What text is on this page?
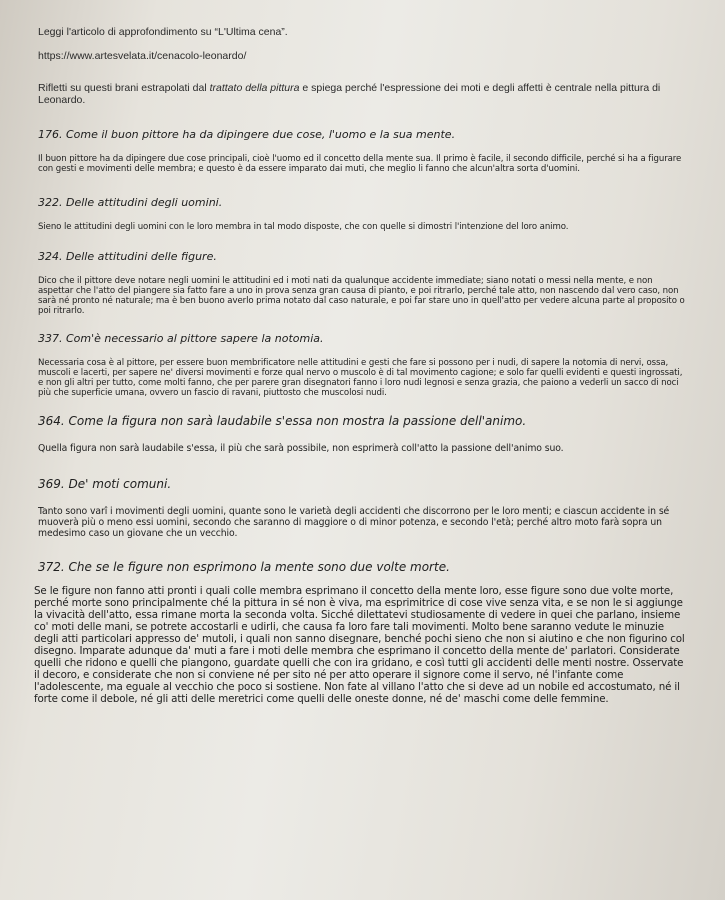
Leggi l'articolo di approfondimento su “L'Ultima cena”.

https://www.artesvelata.it/cenacolo-leonardo/

Rifletti su questi brani estrapolati dal trattato della pittura e spiega perché l'espressione dei moti e degli affetti è centrale nella pittura di Leonardo.

176. Come il buon pittore ha da dipingere due cose, l'uomo e la sua mente.

Il buon pittore ha da dipingere due cose principali, cioè l'uomo ed il concetto della mente sua. Il primo è facile, il secondo difficile, perché si ha a figurare con gesti e movimenti delle membra; e questo è da essere imparato dai muti, che meglio li fanno che alcun'altra sorta d'uomini.

322. Delle attitudini degli uomini.

Sieno le attitudini degli uomini con le loro membra in tal modo disposte, che con quelle si dimostri l'intenzione del loro animo.

324. Delle attitudini delle figure.

Dico che il pittore deve notare negli uomini le attitudini ed i moti nati da qualunque accidente immediate; siano notati o messi nella mente, e non aspettar che l'atto del piangere sia fatto fare a uno in prova senza gran causa di pianto, e poi ritrarlo, perché tale atto, non nascendo dal vero caso, non sarà né pronto né naturale; ma è ben buono averlo prima notato dal caso naturale, e poi far stare uno in quell'atto per vedere alcuna parte al proposito o poi ritrarlo.

337. Com'è necessario al pittore sapere la notomia.

Necessaria cosa è al pittore, per essere buon membrificatore nelle attitudini e gesti che fare si possono per i nudi, di sapere la notomia di nervi, ossa, muscoli e lacerti, per sapere ne' diversi movimenti e forze qual nervo o muscolo è di tal movimento cagione; e solo far quelli evidenti e questi ingrossati, e non gli altri per tutto, come molti fanno, che per parere gran disegnatori fanno i loro nudi legnosi e senza grazia, che paiono a vederli un sacco di noci più che superficie umana, ovvero un fascio di ravani, piuttosto che muscolosi nudi.

364. Come la figura non sarà laudabile s'essa non mostra la passione dell'animo.

Quella figura non sarà laudabile s'essa, il più che sarà possibile, non esprimerà coll'atto la passione dell'animo suo.

369. De' moti comuni.

Tanto sono varî i movimenti degli uomini, quante sono le varietà degli accidenti che discorrono per le loro menti; e ciascun accidente in sé muoverà più o meno essi uomini, secondo che saranno di maggiore o di minor potenza, e secondo l'età; perché altro moto farà sopra un medesimo caso un giovane che un vecchio.

372. Che se le figure non esprimono la mente sono due volte morte.

Se le figure non fanno atti pronti i quali colle membra esprimano il concetto della mente loro, esse figure sono due volte morte, perché morte sono principalmente ché la pittura in sé non è viva, ma esprimitrice di cose vive senza vita, e se non le si aggiunge la vivacità dell'atto, essa rimane morta la seconda volta. Sicché dilettatevi studiosamente di vedere in quei che parlano, insieme co' moti delle mani, se potrete accostarli e udirli, che causa fa loro fare tali movimenti. Molto bene saranno vedute le minuzie degli atti particolari appresso de' mutoli, i quali non sanno disegnare, benché pochi sieno che non si aiutino e che non figurino col disegno. Imparate adunque da' muti a fare i moti delle membra che esprimano il concetto della mente de' parlatori. Considerate quelli che ridono e quelli che piangono, guardate quelli che con ira gridano, e così tutti gli accidenti delle menti nostre. Osservate il decoro, e considerate che non si conviene né per sito né per atto operare il signore come il servo, né l'infante come l'adolescente, ma eguale al vecchio che poco si sostiene. Non fate al villano l'atto che si deve ad un nobile ed accostumato, né il forte come il debole, né gli atti delle meretrici come quelli delle oneste donne, né de' maschi come delle femmine.
